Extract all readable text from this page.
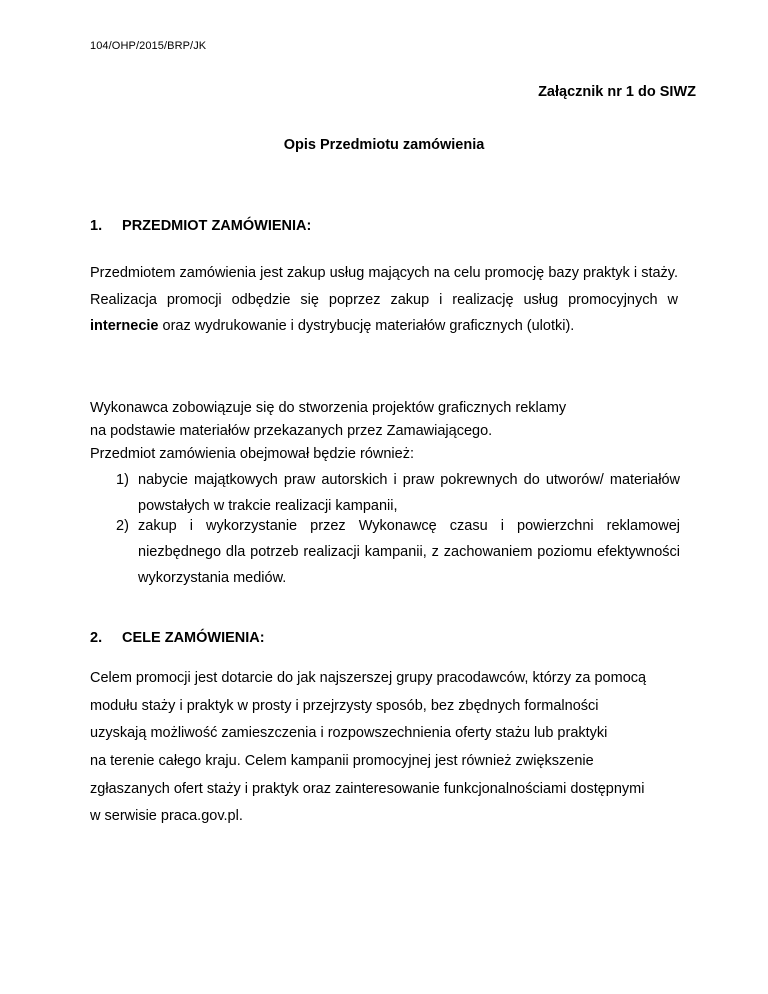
104/OHP/2015/BRP/JK
Załącznik nr 1 do SIWZ
Opis Przedmiotu zamówienia
1. PRZEDMIOT ZAMÓWIENIA:
Przedmiotem zamówienia jest zakup usług mających na celu promocję bazy praktyk i staży. Realizacja promocji odbędzie się poprzez zakup i realizację usług promocyjnych w internecie oraz wydrukowanie i dystrybucję materiałów graficznych (ulotki).
Wykonawca zobowiązuje się do stworzenia projektów graficznych reklamy
na podstawie materiałów przekazanych przez Zamawiającego.
Przedmiot zamówienia obejmował będzie również:
1) nabycie majątkowych praw autorskich i praw pokrewnych do utworów/ materiałów powstałych w trakcie realizacji kampanii,
2) zakup i wykorzystanie przez Wykonawcę czasu i powierzchni reklamowej niezbędnego dla potrzeb realizacji kampanii, z zachowaniem poziomu efektywności wykorzystania mediów.
2. CELE ZAMÓWIENIA:
Celem promocji jest dotarcie do jak najszerszej grupy pracodawców, którzy za pomocą
modułu staży i praktyk w prosty i przejrzysty sposób, bez zbędnych formalności
uzyskają możliwość zamieszczenia i rozpowszechnienia oferty stażu lub praktyki
na terenie całego kraju. Celem kampanii promocyjnej jest również zwiększenie
zgłaszanych ofert staży i praktyk oraz zainteresowanie funkcjonalnościami dostępnymi
w serwisie praca.gov.pl.
